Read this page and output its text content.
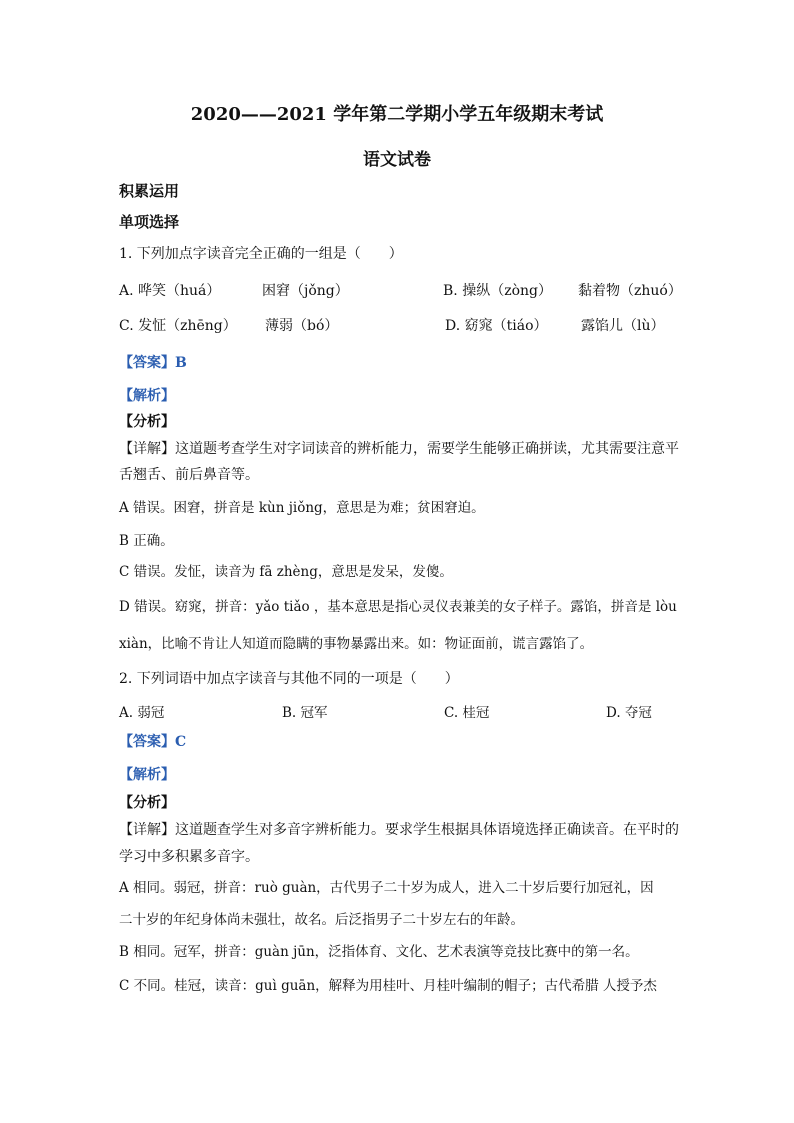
2020——2021 学年第二学期小学五年级期末考试
语文试卷
积累运用
单项选择
1. 下列加点字读音完全正确的一组是（　　）
A. 哗笑（huá）	困窘（jǒng）	B. 操纵（zòng） 黏着物（zhuó）
C. 发怔（zhēng） 薄弱（bó）	D. 窈窕（tiáo） 露馅儿（lù）
【答案】B
【解析】
【分析】
【详解】这道题考查学生对字词读音的辨析能力，需要学生能够正确拼读，尤其需要注意平
舌翘舌、前后鼻音等。
A 错误。困窘，拼音是 kùn jiǒng，意思是为难；贫困窘迫。
B 正确。
C 错误。发怔，读音为 fā zhèng，意思是发呆，发傻。
D 错误。窈窕，拼音：yǎo tiǎo ，基本意思是指心灵仪表兼美的女子样子。露馅，拼音是 lòu
xiàn，比喻不肯让人知道而隐瞒的事物暴露出来。如：物证面前，谎言露馅了。
2. 下列词语中加点字读音与其他不同的一项是（　　）
A. 弱冠	B. 冠军	C. 桂冠	D. 夺冠
【答案】C
【解析】
【分析】
【详解】这道题查学生对多音字辨析能力。要求学生根据具体语境选择正确读音。在平时的
学习中多积累多音字。
A 相同。弱冠，拼音：ruò guàn，古代男子二十岁为成人，进入二十岁后要行加冠礼，因
二十岁的年纪身体尚未强壮，故名。后泛指男子二十岁左右的年龄。
B 相同。冠军，拼音：guàn jūn，泛指体育、文化、艺术表演等竞技比赛中的第一名。
C 不同。桂冠，读音：guì guān，解释为用桂叶、月桂叶编制的帽子；古代希腊 人授予杰
